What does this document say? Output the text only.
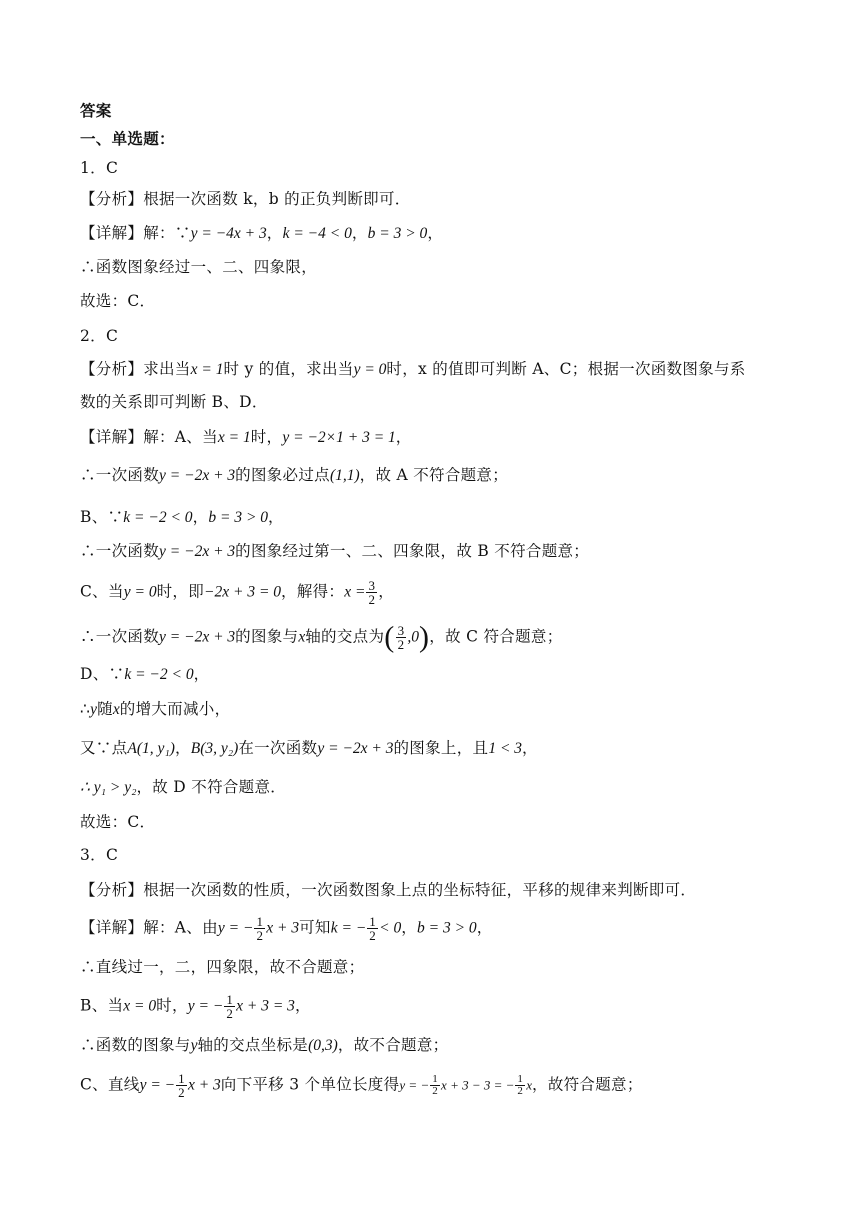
答案
一、单选题：
1．C
【分析】根据一次函数 k，b 的正负判断即可．
【详解】解：∵y = −4x + 3，k = −4 < 0，b = 3 > 0，
∴函数图象经过一、二、四象限，
故选：C．
2．C
【分析】求出当x = 1时 y 的值，求出当y = 0时，x 的值即可判断 A、C；根据一次函数图象与系
数的关系即可判断 B、D．
【详解】解：A、当x = 1时，y = −2×1 + 3 = 1，
∴一次函数y = −2x + 3的图象必过点(1,1)，故 A 不符合题意；
B、∵k = −2 < 0，b = 3 > 0，
∴一次函数y = −2x + 3的图象经过第一、二、四象限，故 B 不符合题意；
C、当y = 0时，即−2x + 3 = 0，解得：$x = \frac{3}{2}$ ，
∴一次函数y = −2x + 3的图象与x轴的交点为( $\frac{3}{2} ,0$)，故 C 符合题意；
D、∵k = −2 < 0，
∴y随x的增大而减小，
又∵点A(1, y₁)，B(3, y₂)在一次函数y = −2x + 3的图象上，且1 < 3，
∴ y₁ > y₂，故 D 不符合题意．
故选：C．
3．C
【分析】根据一次函数的性质，一次函数图象上点的坐标特征，平移的规律来判断即可．
【详解】解：A、由y = − $\frac{1}{2}$ x + 3可知k = − $\frac{1}{2} < 0$，b = 3 > 0，
∴直线过一，二，四象限，故不合题意；
B、当x = 0时，y = − $\frac{1}{2}$ x + 3 = 3，
∴函数的图象与y轴的交点坐标是(0,3)，故不合题意；
C、直线y = − $\frac{1}{2}$ x + 3向下平移 3 个单位长度得y = − $\frac{1}{2}$ x + 3 − 3 = − $\frac{1}{2}$ x，故符合题意；
